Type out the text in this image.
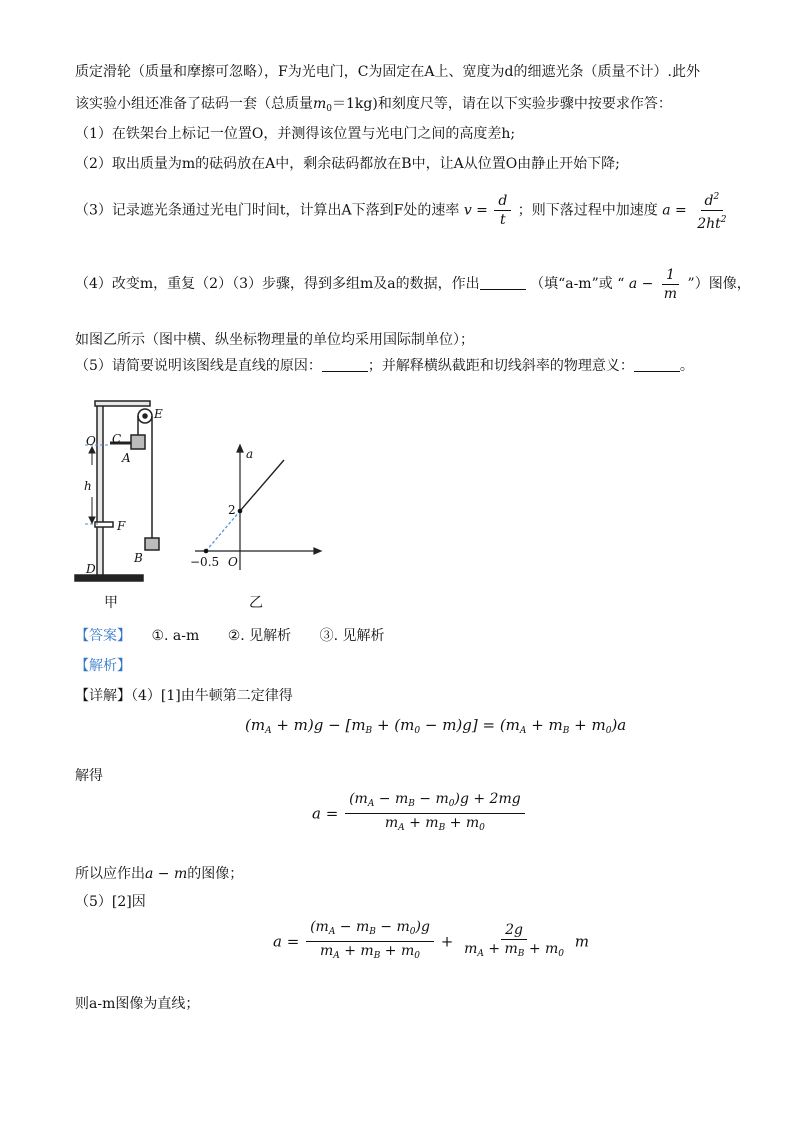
质定滑轮（质量和摩擦可忽略），F为光电门，C为固定在A上、宽度为d的细遮光条（质量不计）.此外
该实验小组还准备了砝码一套（总质量$m_0=1kg$)和刻度尺等，请在以下实验步骤中按要求作答：
（1）在铁架台上标记一位置O，并测得该位置与光电门之间的高度差h;
（2）取出质量为m的砝码放在A中，剩余砝码都放在B中，让A从位置O由静止开始下降;
（3）记录遮光条通过光电门时间t，计算出A下落到F处的速率 $v = \frac{d}{t}$ ；则下落过程中加速度 $a = \frac{d^2}{2ht^2}$
（4）改变m，重复（2）（3）步骤，得到多组m及a的数据，作出	（填“a-m”或 “ $a - \frac{1}{m}$ ”）图像，
如图乙所示（图中横、纵坐标物理量的单位均采用国际制单位）；
（5）请简要说明该图线是直线的原因：	；并解释横纵截距和切线斜率的物理意义：	。
O C
A
E
h
F
B
D
甲
a
2
−0.5 O
乙
【答案】 ①. a-m ②. 见解析 ③. 见解析
【解析】
【详解】（4）[1]由牛顿第二定律得
$(m_A + m)g - [m_B + (m_0 - m)g] = (m_A + m_B + m_0)a$
解得
$a = \frac{(m_A - m_B - m_0)g + 2mg}{m_A + m_B + m_0}$
所以应作出a − m的图像；
（5）[2]因
$a = \frac{(m_A - m_B - m_0)g}{m_A + m_B + m_0} + \frac{2g}{m_A + m_B + m_0}$ m
则a-m图像为直线；
